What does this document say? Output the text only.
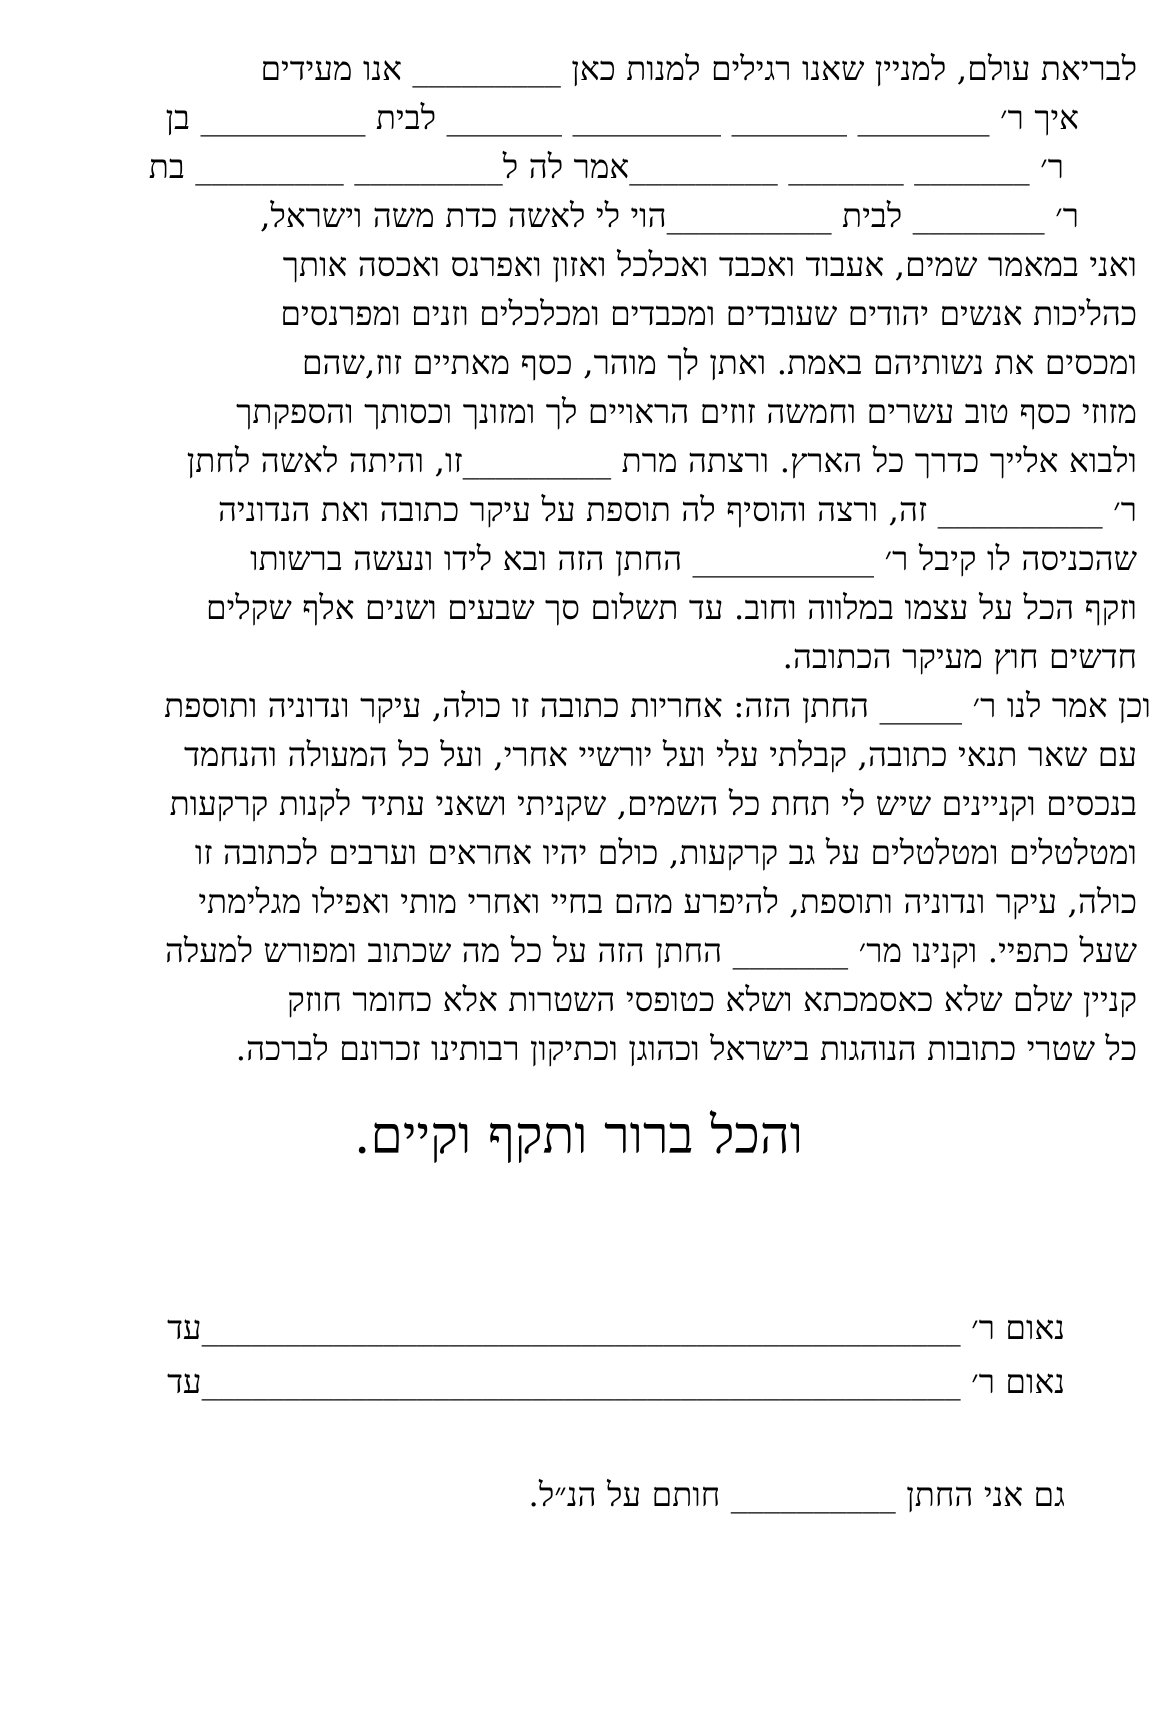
לבריאת עולם, למניין שאנו רגילים למנות כאן _________ אנו מעידים
איך ר׳ ________ _______ _________ _______ לבית __________ בן
ר׳ _______ _______ _________אמר לה ל_________ _________ בת
ר׳ ________ לבית __________הוי לי לאשה כדת משה וישראל,
ואני במאמר שמים, אעבוד ואכבד ואכלכל ואזון ואפרנס ואכסה אותך
כהליכות אנשים יהודים שעובדים ומכבדים ומכלכלים וזנים ומפרנסים
ומכסים את נשותיהם באמת. ואתן לך מוהר, כסף מאתיים זוז,שהם
מזוזי כסף טוב עשרים וחמשה זוזים הראויים לך ומזונך וכסותך והספקתך
ולבוא אלייך כדרך כל הארץ. ורצתה מרת _________זו, והיתה לאשה לחתן
ר׳ __________ זה, ורצה והוסיף לה תוספת על עיקר כתובה ואת הנדוניה
שהכניסה לו קיבל ר׳ ___________ החתן הזה ובא לידו ונעשה ברשותו
וזקף הכל על עצמו במלווה וחוב. עד תשלום סך שבעים ושנים אלף שקלים
חדשים חוץ מעיקר הכתובה.
וכן אמר לנו ר׳ _____ החתן הזה: אחריות כתובה זו כולה, עיקר ונדוניה ותוספת
עם שאר תנאי כתובה, קבלתי עלי ועל יורשיי אחרי, ועל כל המעולה והנחמד
בנכסים וקניינים שיש לי תחת כל השמים, שקניתי ושאני עתיד לקנות קרקעות
ומטלטלים ומטלטלים על גב קרקעות, כולם יהיו אחראים וערבים לכתובה זו
כולה, עיקר ונדוניה ותוספת, להיפרע מהם בחיי ואחרי מותי ואפילו מגלימתי
שעל כתפיי. וקנינו מר׳ _______ החתן הזה על כל מה שכתוב ומפורש למעלה
קניין שלם שלא כאסמכתא ושלא כטופסי השטרות אלא כחומר חוזק
כל שטרי כתובות הנוהגות בישראל וכהוגן וכתיקון רבותינו זכרונם לברכה.
והכל ברור ותקף וקיים.
נאום ר׳ ______________________________________________עד
נאום ר׳ ______________________________________________עד
גם אני החתן __________ חותם על הנ״ל.
